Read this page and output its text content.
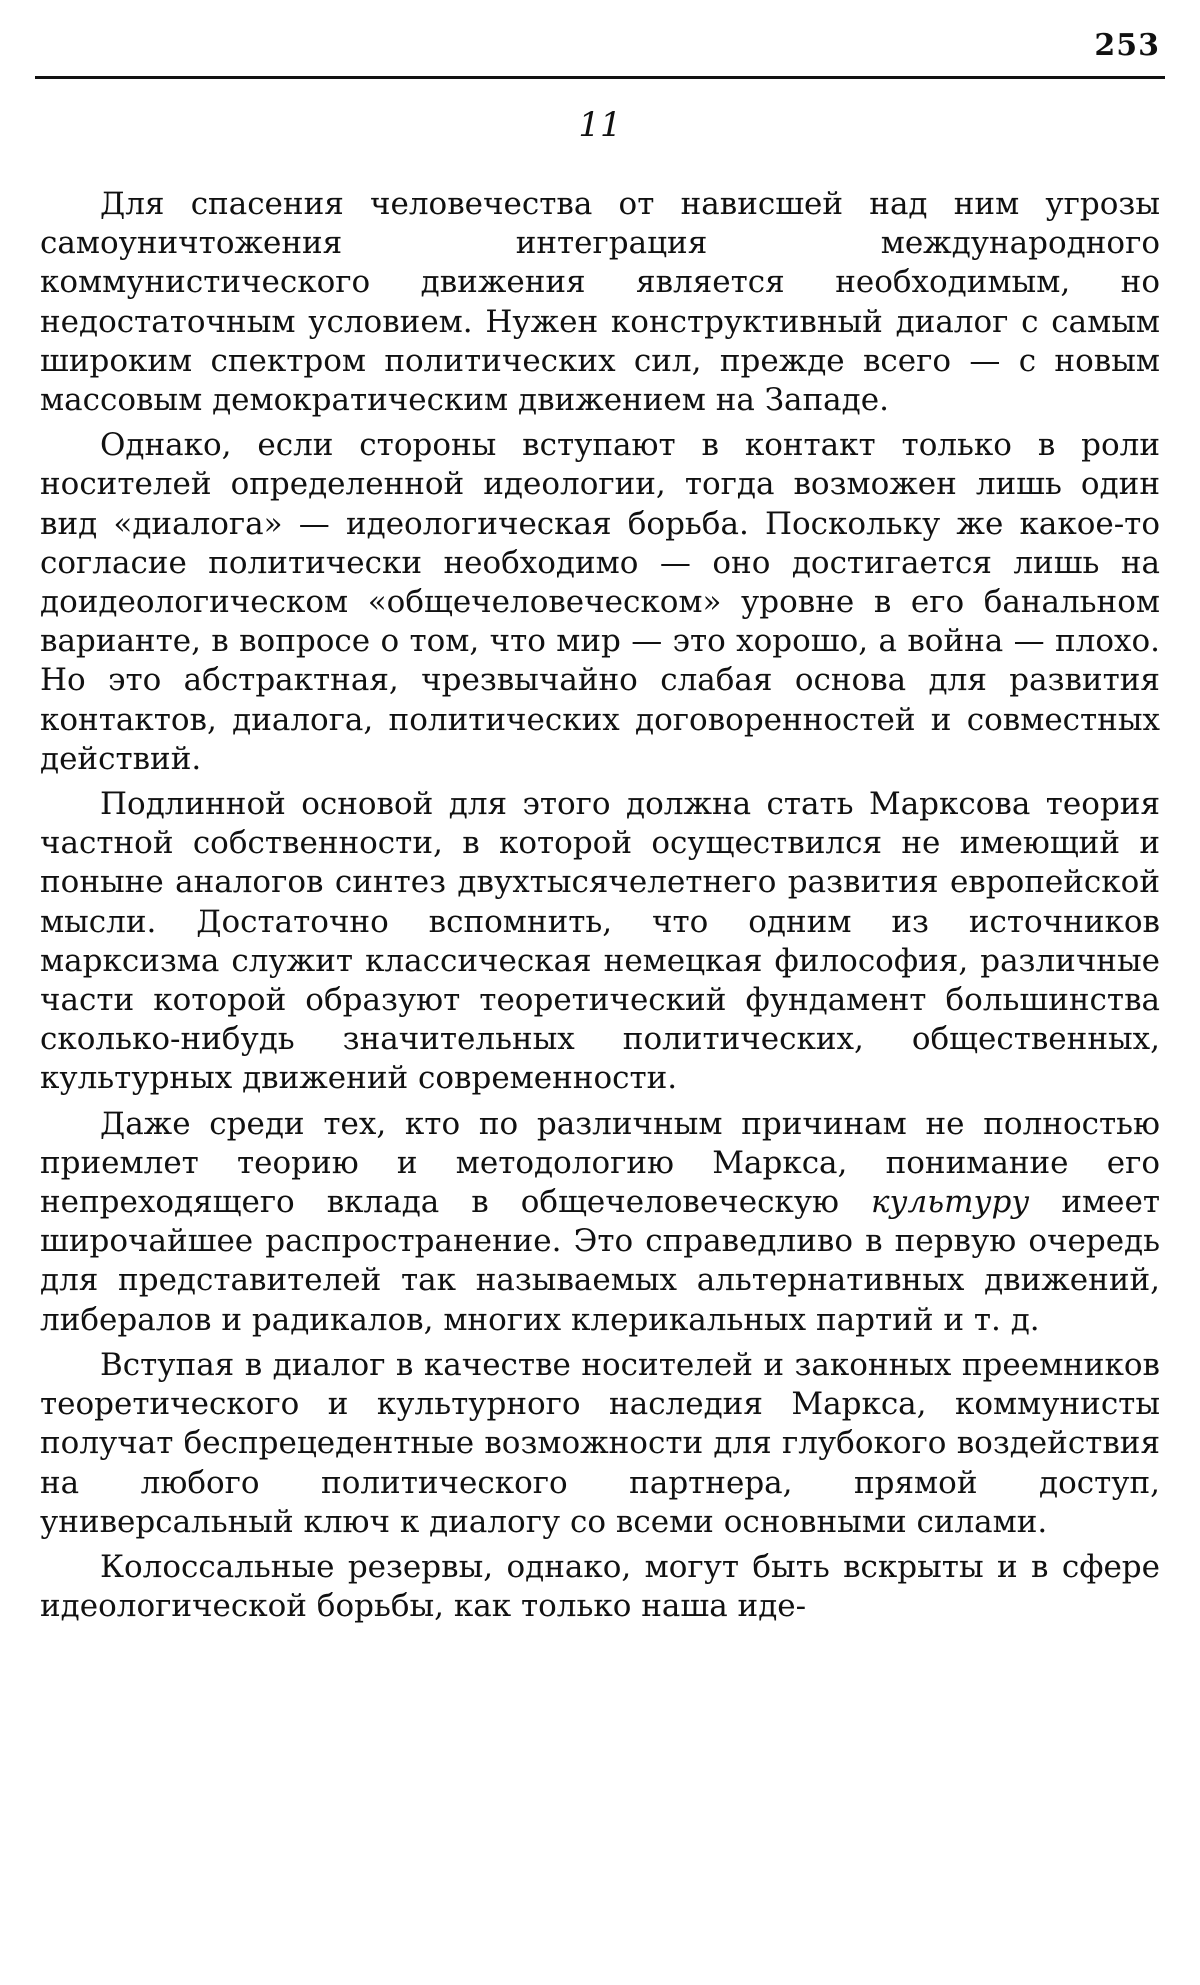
253
11

Для спасения человечества от нависшей над ним угрозы самоуничтожения интеграция международного коммунистического движения является необходимым, но недостаточным условием. Нужен конструктивный диалог с самым широким спектром политических сил, прежде всего — с новым массовым демократическим движением на Западе.

Однако, если стороны вступают в контакт только в роли носителей определенной идеологии, тогда возможен лишь один вид «диалога» — идеологическая борьба. Поскольку же какое-то согласие политически необходимо — оно достигается лишь на доидеологическом «общечеловеческом» уровне в его банальном варианте, в вопросе о том, что мир — это хорошо, а война — плохо. Но это абстрактная, чрезвычайно слабая основа для развития контактов, диалога, политических договоренностей и совместных действий.

Подлинной основой для этого должна стать Марксова теория частной собственности, в которой осуществился не имеющий и поныне аналогов синтез двухтысячелетнего развития европейской мысли. Достаточно вспомнить, что одним из источников марксизма служит классическая немецкая философия, различные части которой образуют теоретический фундамент большинства сколько-нибудь значительных политических, общественных, культурных движений современности.

Даже среди тех, кто по различным причинам не полностью приемлет теорию и методологию Маркса, понимание его непреходящего вклада в общечеловеческую культуру имеет широчайшее распространение. Это справедливо в первую очередь для представителей так называемых альтернативных движений, либералов и радикалов, многих клерикальных партий и т. д.

Вступая в диалог в качестве носителей и законных преемников теоретического и культурного наследия Маркса, коммунисты получат беспрецедентные возможности для глубокого воздействия на любого политического партнера, прямой доступ, универсальный ключ к диалогу со всеми основными силами.

Колоссальные резервы, однако, могут быть вскрыты и в сфере идеологической борьбы, как только наша иде-
